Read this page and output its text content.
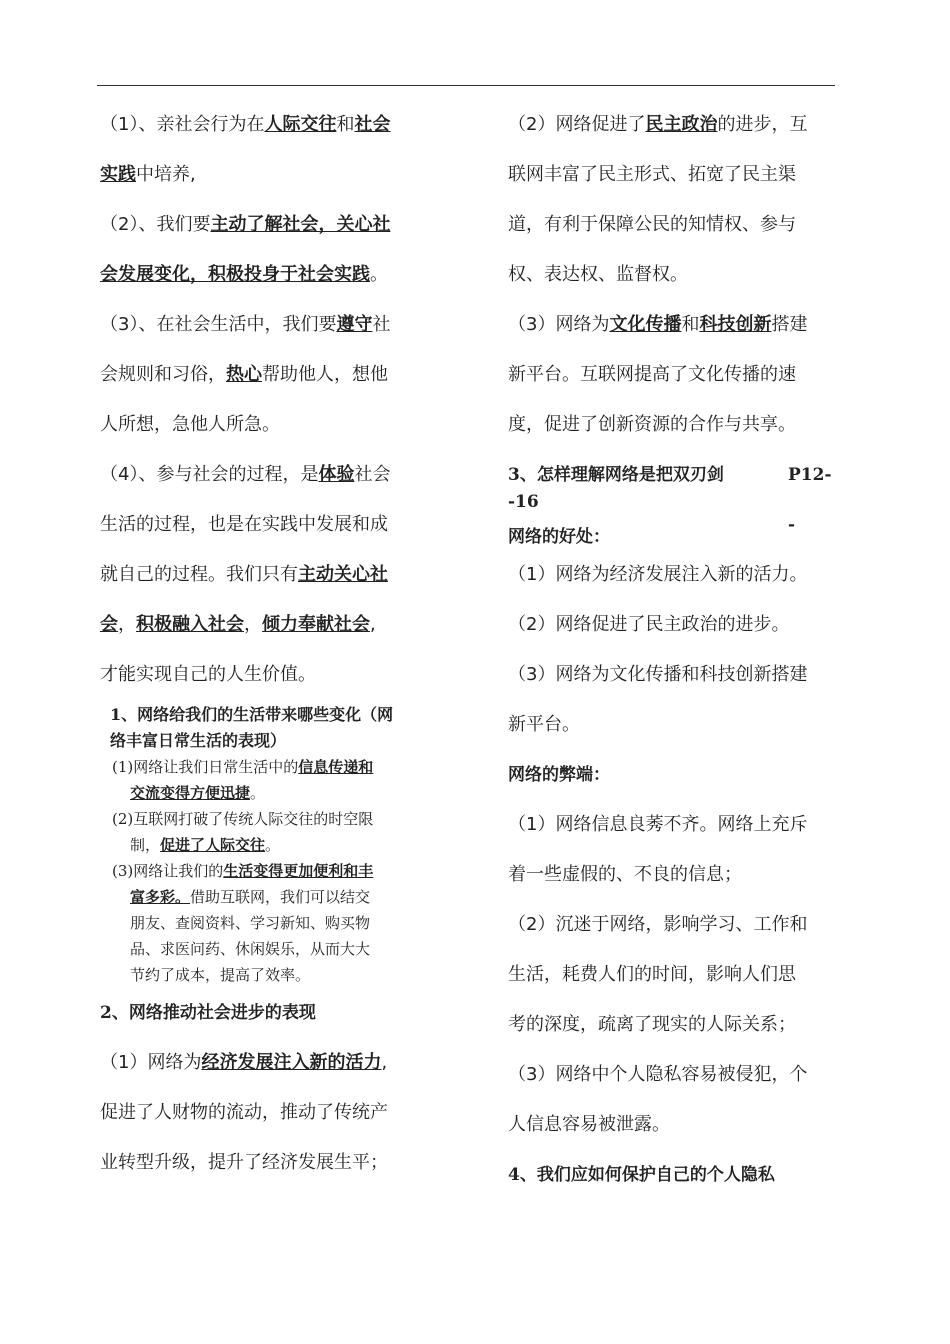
（1）、亲社会行为在人际交往和社会
实践中培养,
（2）、我们要主动了解社会，关心社
会发展变化，积极投身于社会实践。
（3）、在社会生活中，我们要遵守社
会规则和习俗，热心帮助他人，想他
人所想，急他人所急。
（4）、参与社会的过程，是体验社会
生活的过程，也是在实践中发展和成
就自己的过程。我们只有主动关心社
会，积极融入社会，倾力奉献社会,
才能实现自己的人生价值。
1、网络给我们的生活带来哪些变化（网
络丰富日常生活的表现）
(1)网络让我们日常生活中的信息传递和
交流变得方便迅捷。
(2)互联网打破了传统人际交往的时空限
制，促进了人际交往。
(3)网络让我们的生活变得更加便利和丰
富多彩。借助互联网，我们可以结交
朋友、查阅资料、学习新知、购买物
品、求医问药、休闲娱乐，从而大大
节约了成本，提高了效率。
2、网络推动社会进步的表现
（1）网络为经济发展注入新的活力,
促进了人财物的流动，推动了传统产
业转型升级，提升了经济发展生平；
（2）网络促进了民主政治的进步，互
联网丰富了民主形式、拓宽了民主渠
道，有利于保障公民的知情权、参与
权、表达权、监督权。
（3）网络为文化传播和科技创新搭建
新平台。互联网提高了文化传播的速
度，促进了创新资源的合作与共享。
3、怎样理解网络是把双刃剑	P12--
-16
网络的好处：
（1）网络为经济发展注入新的活力。
（2）网络促进了民主政治的进步。
（3）网络为文化传播和科技创新搭建
新平台。
网络的弊端：
（1）网络信息良莠不齐。网络上充斥
着一些虚假的、不良的信息；
（2）沉迷于网络，影响学习、工作和
生活，耗费人们的时间，影响人们思
考的深度，疏离了现实的人际关系；
（3）网络中个人隐私容易被侵犯，个
人信息容易被泄露。
4、我们应如何保护自己的个人隐私
